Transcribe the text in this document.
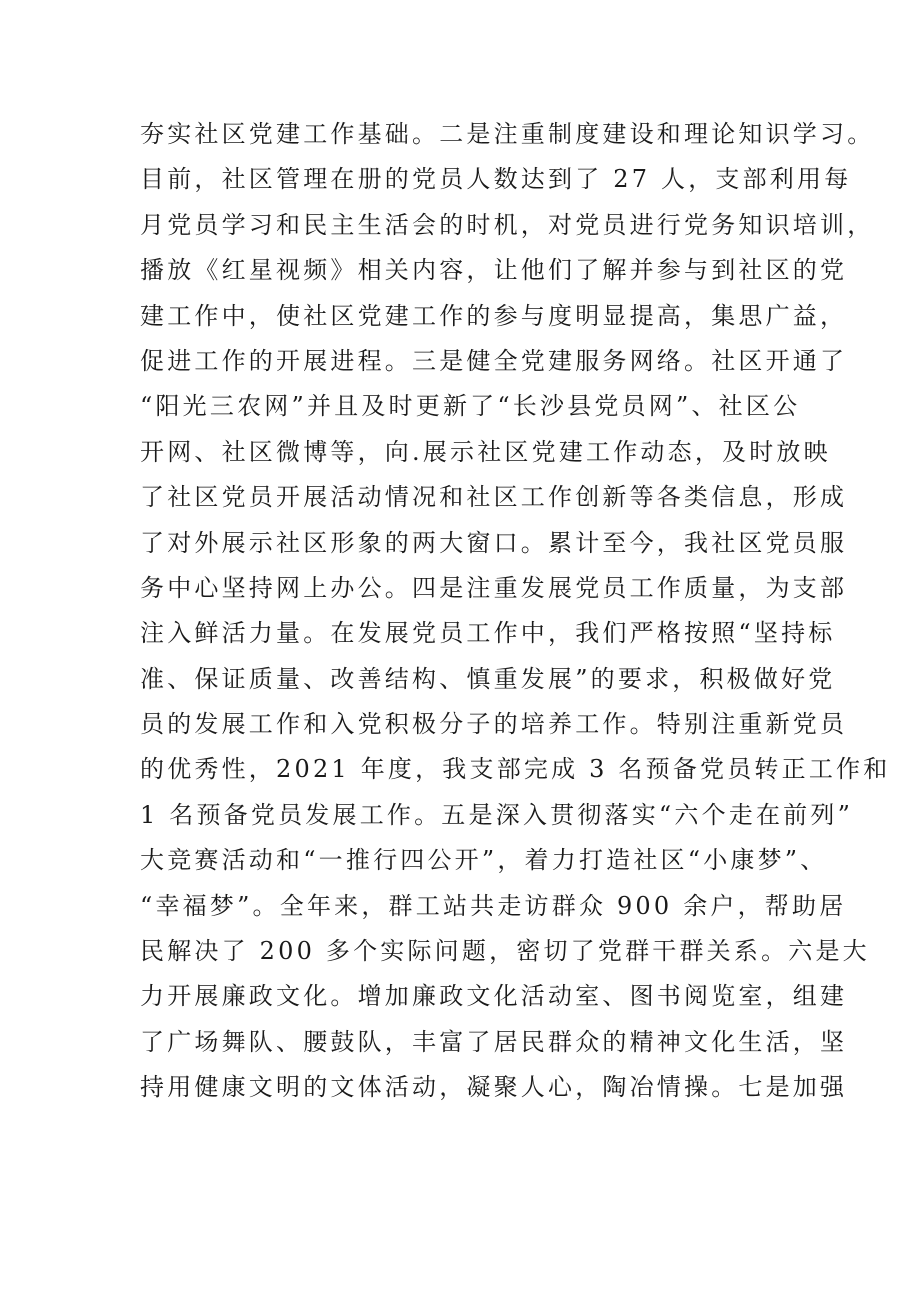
夯实社区党建工作基础。二是注重制度建设和理论知识学习。
目前，社区管理在册的党员人数达到了 27 人，支部利用每
月党员学习和民主生活会的时机，对党员进行党务知识培训，
播放《红星视频》相关内容，让他们了解并参与到社区的党
建工作中，使社区党建工作的参与度明显提高，集思广益，
促进工作的开展进程。三是健全党建服务网络。社区开通了
“阳光三农网”并且及时更新了“长沙县党员网”、社区公
开网、社区微博等，向.展示社区党建工作动态，及时放映
了社区党员开展活动情况和社区工作创新等各类信息，形成
了对外展示社区形象的两大窗口。累计至今，我社区党员服
务中心坚持网上办公。四是注重发展党员工作质量，为支部
注入鲜活力量。在发展党员工作中，我们严格按照“坚持标
准、保证质量、改善结构、慎重发展”的要求，积极做好党
员的发展工作和入党积极分子的培养工作。特别注重新党员
的优秀性，2021 年度，我支部完成 3 名预备党员转正工作和
1 名预备党员发展工作。五是深入贯彻落实“六个走在前列”
大竞赛活动和“一推行四公开”，着力打造社区“小康梦”、
“幸福梦”。全年来，群工站共走访群众 900 余户，帮助居
民解决了 200 多个实际问题，密切了党群干群关系。六是大
力开展廉政文化。增加廉政文化活动室、图书阅览室，组建
了广场舞队、腰鼓队，丰富了居民群众的精神文化生活，坚
持用健康文明的文体活动，凝聚人心，陶冶情操。七是加强
